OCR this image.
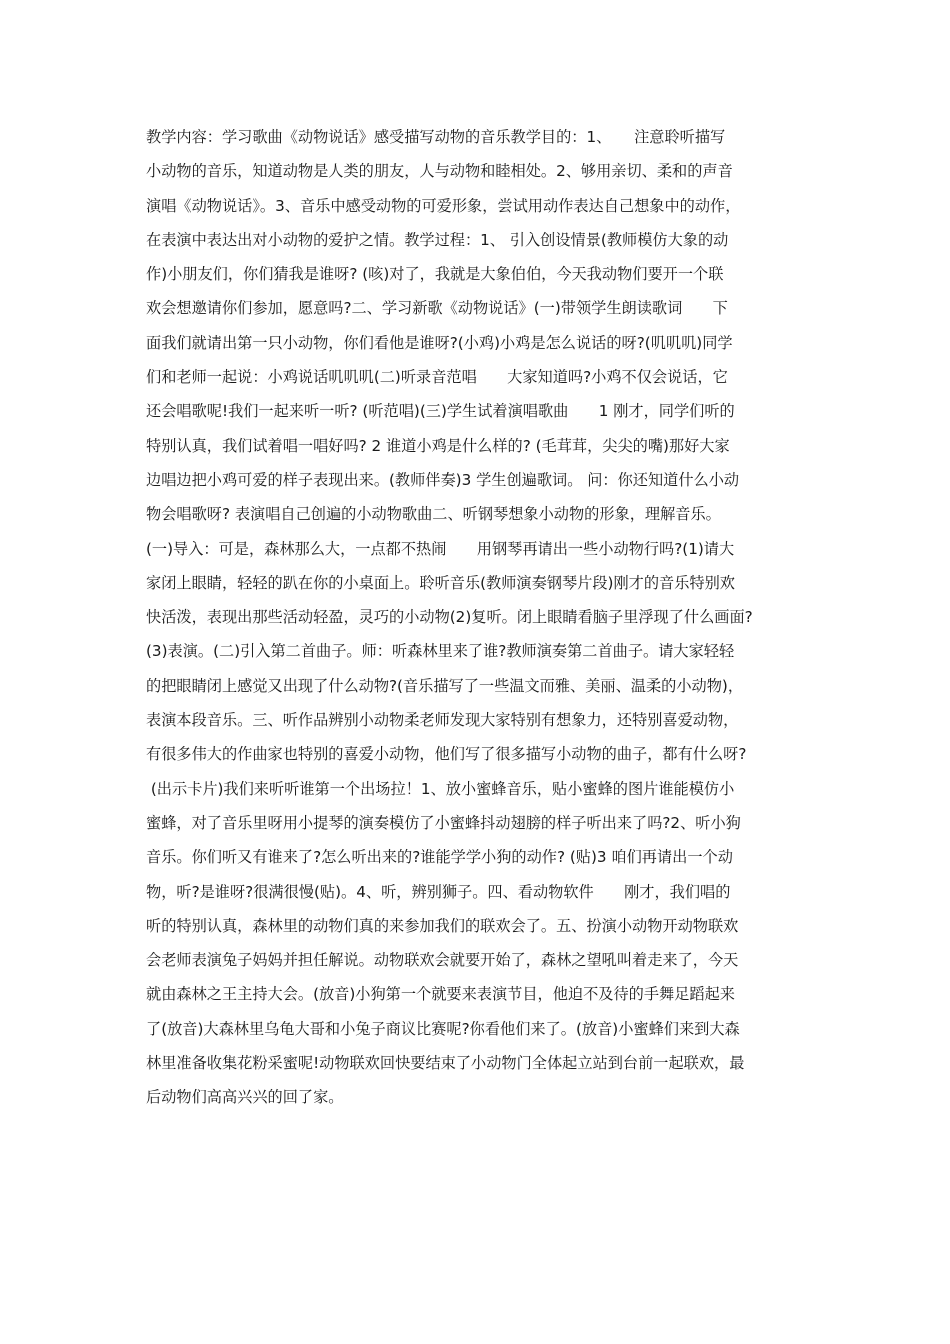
教学内容：学习歌曲《动物说话》感受描写动物的音乐教学目的：1、　　注意聆听描写
小动物的音乐，知道动物是人类的朋友，人与动物和睦相处。2、够用亲切、柔和的声音
演唱《动物说话》。3、音乐中感受动物的可爱形象，尝试用动作表达自己想象中的动作，
在表演中表达出对小动物的爱护之情。教学过程：1、 引入创设情景(教师模仿大象的动
作)小朋友们，你们猜我是谁呀? (咳)对了，我就是大象伯伯，今天我动物们要开一个联
欢会想邀请你们参加，愿意吗?二、学习新歌《动物说话》(一)带领学生朗读歌词　　下
面我们就请出第一只小动物，你们看他是谁呀?(小鸡)小鸡是怎么说话的呀?(叽叽叽)同学
们和老师一起说：小鸡说话叽叽叽(二)听录音范唱　　大家知道吗?小鸡不仅会说话，它
还会唱歌呢!我们一起来听一听? (听范唱)(三)学生试着演唱歌曲　　1 刚才，同学们听的
特别认真，我们试着唱一唱好吗? 2 谁道小鸡是什么样的? (毛茸茸，尖尖的嘴)那好大家
边唱边把小鸡可爱的样子表现出来。(教师伴奏)3 学生创遍歌词。 问：你还知道什么小动
物会唱歌呀? 表演唱自己创遍的小动物歌曲二、听钢琴想象小动物的形象，理解音乐。
(一)导入：可是，森林那么大，一点都不热闹　　用钢琴再请出一些小动物行吗?(1)请大
家闭上眼睛，轻轻的趴在你的小桌面上。聆听音乐(教师演奏钢琴片段)刚才的音乐特别欢
快活泼，表现出那些活动轻盈，灵巧的小动物(2)复听。闭上眼睛看脑子里浮现了什么画面?
(3)表演。(二)引入第二首曲子。师：听森林里来了谁?教师演奏第二首曲子。请大家轻轻
的把眼睛闭上感觉又出现了什么动物?(音乐描写了一些温文而雅、美丽、温柔的小动物)，
表演本段音乐。三、听作品辨别小动物柔老师发现大家特别有想象力，还特别喜爱动物，
有很多伟大的作曲家也特别的喜爱小动物，他们写了很多描写小动物的曲子，都有什么呀?
(出示卡片)我们来听听谁第一个出场拉！1、放小蜜蜂音乐，贴小蜜蜂的图片谁能模仿小
蜜蜂，对了音乐里呀用小提琴的演奏模仿了小蜜蜂抖动翅膀的样子听出来了吗?2、听小狗
音乐。你们听又有谁来了?怎么听出来的?谁能学学小狗的动作? (贴)3 咱们再请出一个动
物，听?是谁呀?很满很慢(贴)。4、听，辨别狮子。四、看动物软件　　刚才，我们唱的
听的特别认真，森林里的动物们真的来参加我们的联欢会了。五、扮演小动物开动物联欢
会老师表演兔子妈妈并担任解说。动物联欢会就要开始了，森林之望吼叫着走来了，今天
就由森林之王主持大会。(放音)小狗第一个就要来表演节目，他迫不及待的手舞足蹈起来
了(放音)大森林里乌龟大哥和小兔子商议比赛呢?你看他们来了。(放音)小蜜蜂们来到大森
林里准备收集花粉采蜜呢!动物联欢回快要结束了小动物门全体起立站到台前一起联欢，最
后动物们高高兴兴的回了家。
